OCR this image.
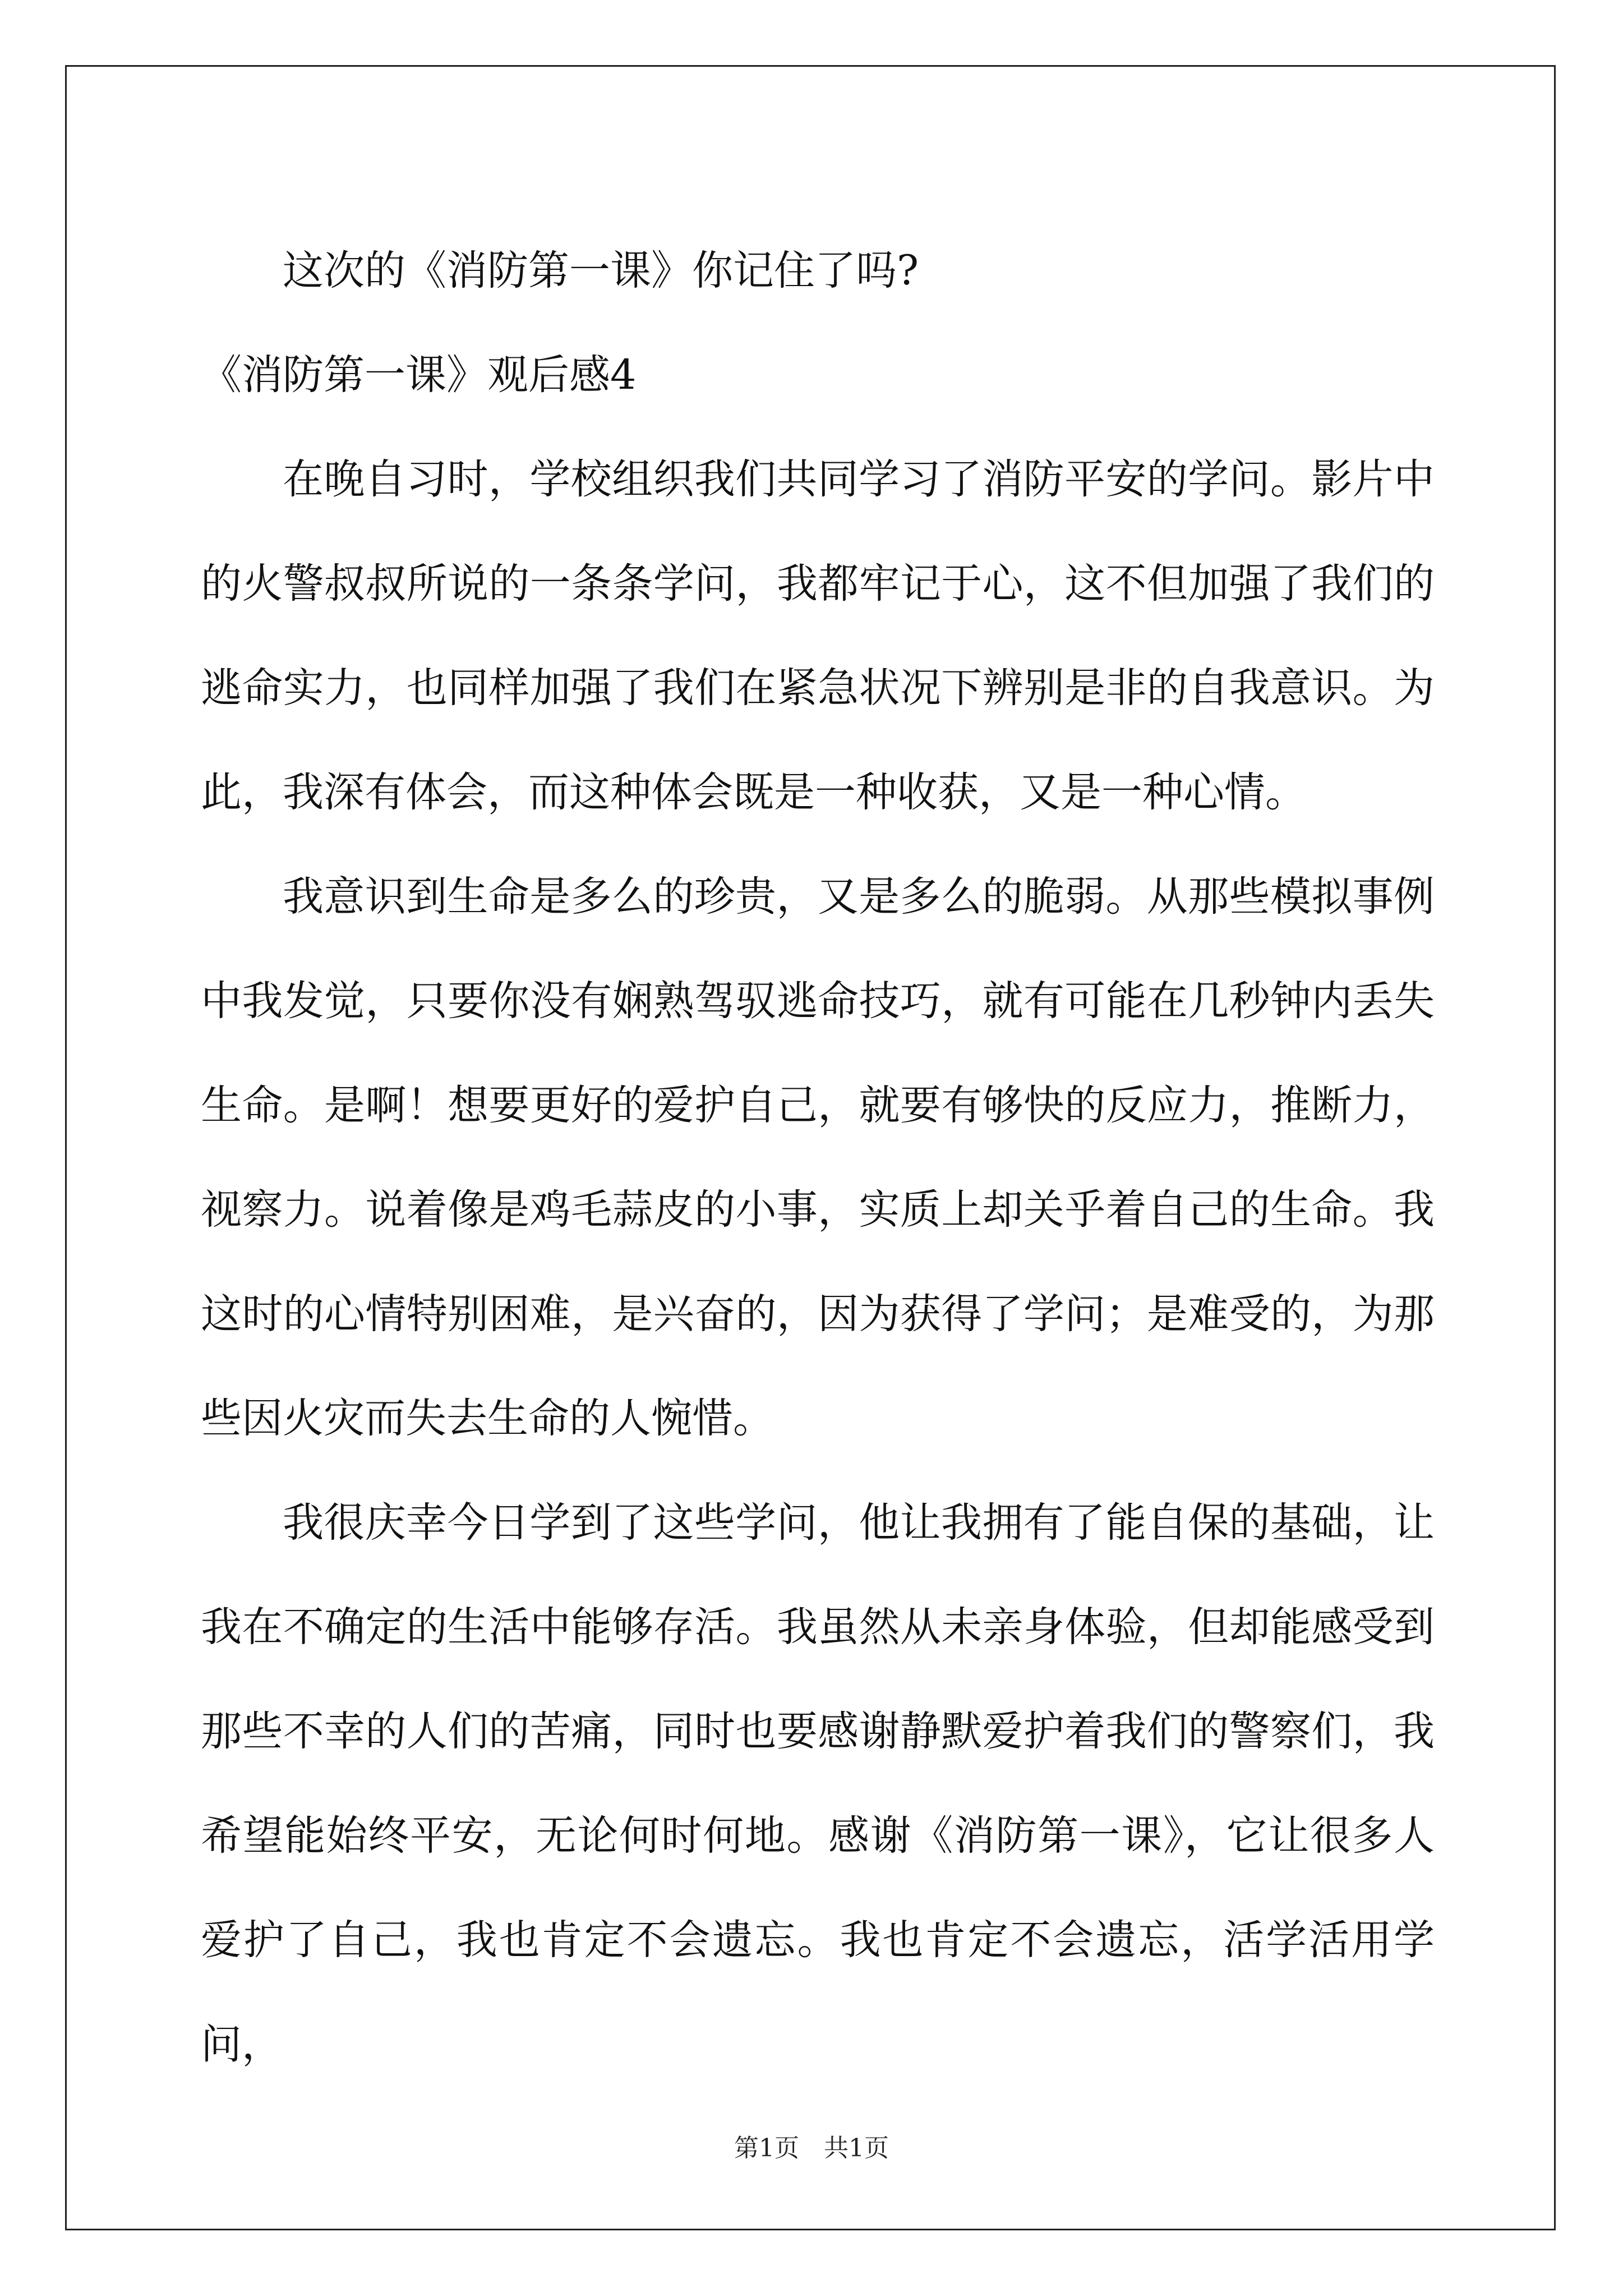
这次的《消防第一课》你记住了吗?

《消防第一课》观后感4

在晚自习时，学校组织我们共同学习了消防平安的学问。影片中的火警叔叔所说的一条条学问，我都牢记于心，这不但加强了我们的逃命实力，也同样加强了我们在紧急状况下辨别是非的自我意识。为此，我深有体会，而这种体会既是一种收获，又是一种心情。

我意识到生命是多么的珍贵，又是多么的脆弱。从那些模拟事例中我发觉，只要你没有娴熟驾驭逃命技巧，就有可能在几秒钟内丢失生命。是啊！想要更好的爱护自己，就要有够快的反应力，推断力，视察力。说着像是鸡毛蒜皮的小事，实质上却关乎着自己的生命。我这时的心情特别困难，是兴奋的，因为获得了学问；是难受的，为那些因火灾而失去生命的人惋惜。

我很庆幸今日学到了这些学问，他让我拥有了能自保的基础，让我在不确定的生活中能够存活。我虽然从未亲身体验，但却能感受到那些不幸的人们的苦痛，同时也要感谢静默爱护着我们的警察们，我希望能始终平安，无论何时何地。感谢《消防第一课》，它让很多人爱护了自己，我也肯定不会遗忘。我也肯定不会遗忘，活学活用学问，

第1页　共1页
